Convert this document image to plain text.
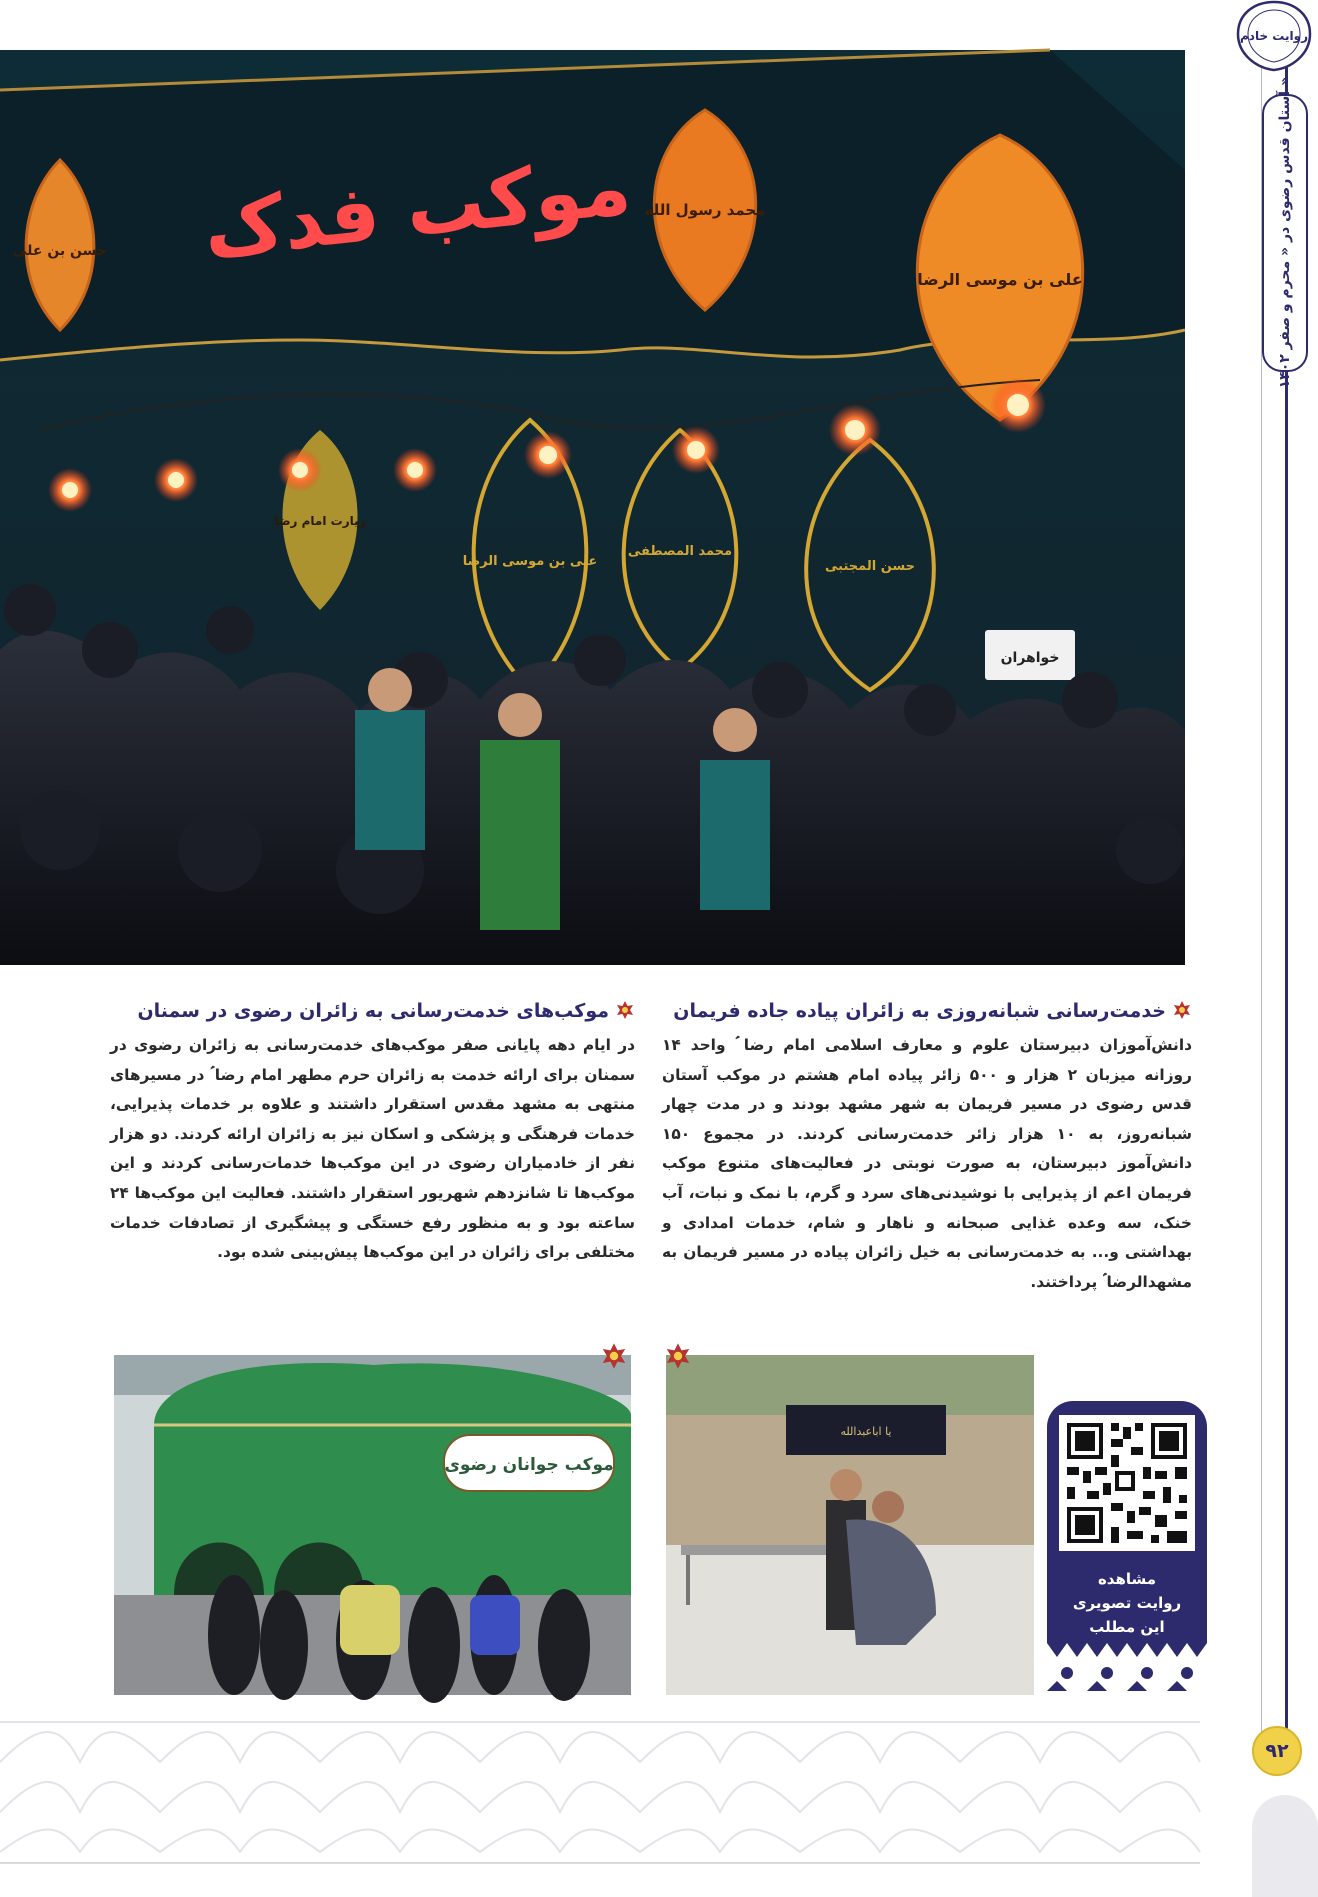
روایت خادم
آستان قدس رضوی در « محرم و صفر ۱۴۰۲ »
۹۲
موکب فدک
حسن بن علی
محمد رسول الله
علی بن موسی الرضا
زیارت امام رضا
علی بن موسی الرضا
محمد المصطفی
حسن المجتبی
خواهران
خدمت‌رسانی شبانه‌روزی به زائران پیاده جاده فریمان

دانش‌آموزان دبیرستان علوم و معارف اسلامی امام رضا ؑ واحد ۱۴ روزانه میزبان ۲ هزار و ۵۰۰ زائر پیاده امام هشتم در موکب آستان قدس رضوی در مسیر فریمان به شهر مشهد بودند و در مدت چهار شبانه‌روز، به ۱۰ هزار زائر خدمت‌رسانی کردند. در مجموع ۱۵۰ دانش‌آموز دبیرستان، به صورت نوبتی در فعالیت‌های متنوع موکب فریمان اعم از پذیرایی با نوشیدنی‌های سرد و گرم، با نمک و نبات، آب خنک، سه وعده غذایی صبحانه و ناهار و شام، خدمات امدادی و بهداشتی و... به خدمت‌رسانی به خیل زائران پیاده در مسیر فریمان به مشهدالرضا ؑ پرداختند.

موکب‌های خدمت‌رسانی به زائران رضوی در سمنان

در ایام دهه پایانی صفر موکب‌های خدمت‌رسانی به زائران رضوی در سمنان برای ارائه خدمت به زائران حرم مطهر امام رضا ؑ در مسیرهای منتهی به مشهد مقدس استقرار داشتند و علاوه بر خدمات پذیرایی، خدمات فرهنگی و پزشکی و اسکان نیز به زائران ارائه کردند. دو هزار نفر از خادمیاران رضوی در این موکب‌ها خدمات‌رسانی کردند و این موکب‌ها تا شانزدهم شهریور استقرار داشتند. فعالیت این موکب‌ها ۲۴ ساعته بود و به منظور رفع خستگی و پیشگیری از تصادفات خدمات مختلفی برای زائران در این موکب‌ها پیش‌بینی شده بود.

موکب جوانان رضوی
یا اباعبدالله
مشاهده
روایت تصویری
این مطلب
